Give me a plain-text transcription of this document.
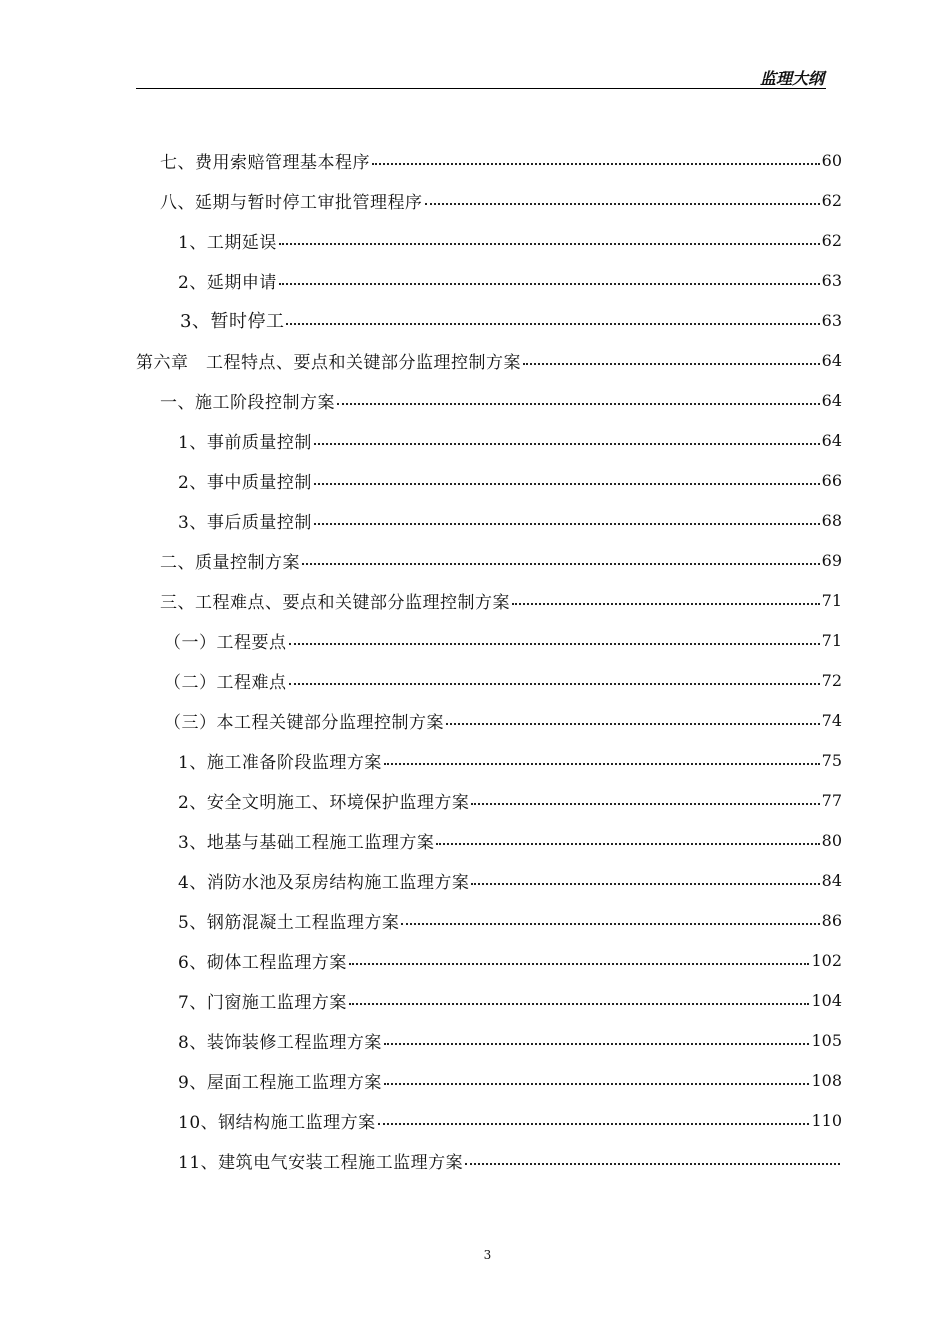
监理大纲
七、费用索赔管理基本程序	60
八、延期与暂时停工审批管理程序	62
1、工期延误	62
2、延期申请	63
3、暂时停工	63
第六章　工程特点、要点和关键部分监理控制方案	64
一、施工阶段控制方案	64
1、事前质量控制	64
2、事中质量控制	66
3、事后质量控制	68
二、质量控制方案	69
三、工程难点、要点和关键部分监理控制方案	71
（一）工程要点	71
（二）工程难点	72
（三）本工程关键部分监理控制方案	74
1、施工准备阶段监理方案	75
2、安全文明施工、环境保护监理方案	77
3、地基与基础工程施工监理方案	80
4、消防水池及泵房结构施工监理方案	84
5、钢筋混凝土工程监理方案	86
6、砌体工程监理方案	102
7、门窗施工监理方案	104
8、装饰装修工程监理方案	105
9、屋面工程施工监理方案	108
10、钢结构施工监理方案	110
11、建筑电气安装工程施工监理方案
3
